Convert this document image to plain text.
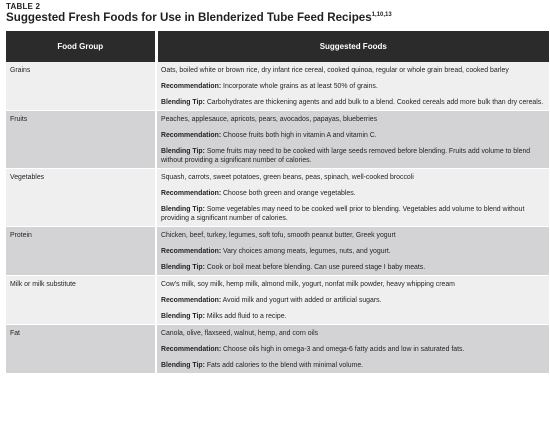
TABLE 2
Suggested Fresh Foods for Use in Blenderized Tube Feed Recipes$^{1,10,13}$
Food Group	Suggested Foods
Grains	Oats, boiled white or brown rice, dry infant rice cereal, cooked quinoa, regular or whole grain bread, cooked barley
Recommendation: Incorporate whole grains as at least 50% of grains.
Blending Tip: Carbohydrates are thickening agents and add bulk to a blend. Cooked cereals add more bulk than dry cereals.

Fruits	Peaches, applesauce, apricots, pears, avocados, papayas, blueberries
Recommendation: Choose fruits both high in vitamin A and vitamin C.
Blending Tip: Some fruits may need to be cooked with large seeds removed before blending. Fruits add volume to blend without providing a significant number of calories.

Vegetables	Squash, carrots, sweet potatoes, green beans, peas, spinach, well-cooked broccoli
Recommendation: Choose both green and orange vegetables.
Blending Tip: Some vegetables may need to be cooked well prior to blending. Vegetables add volume to blend without providing a significant number of calories.

Protein	Chicken, beef, turkey, legumes, soft tofu, smooth peanut butter, Greek yogurt
Recommendation: Vary choices among meats, legumes, nuts, and yogurt.
Blending Tip: Cook or boil meat before blending. Can use pureed stage I baby meats.

Milk or milk substitute	Cow's milk, soy milk, hemp milk, almond milk, yogurt, nonfat milk powder, heavy whipping cream
Recommendation: Avoid milk and yogurt with added or artificial sugars.
Blending Tip: Milks add fluid to a recipe.

Fat	Canola, olive, flaxseed, walnut, hemp, and corn oils
Recommendation: Choose oils high in omega-3 and omega-6 fatty acids and low in saturated fats.
Blending Tip: Fats add calories to the blend with minimal volume.
